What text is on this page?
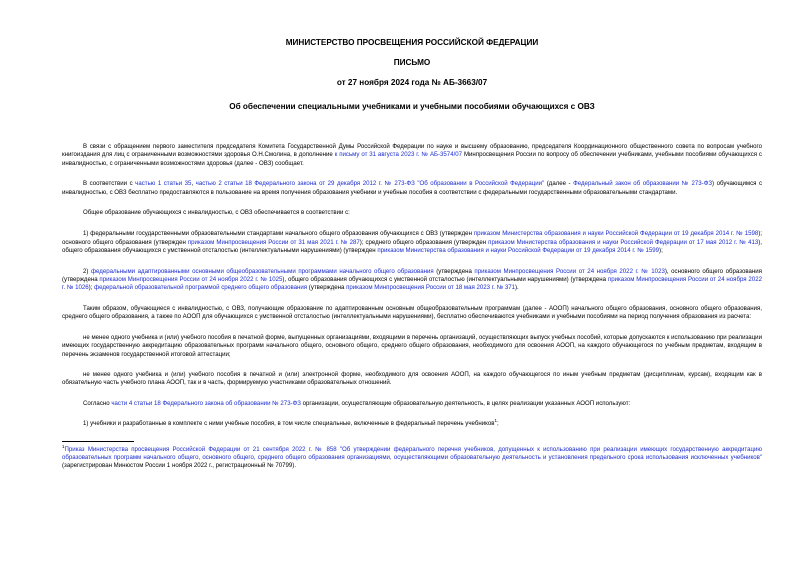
МИНИСТЕРСТВО ПРОСВЕЩЕНИЯ РОССИЙСКОЙ ФЕДЕРАЦИИ
ПИСЬМО
от 27 ноября 2024 года № АБ-3663/07
Об обеспечении специальными учебниками и учебными пособиями обучающихся с ОВЗ
В связи с обращением первого заместителя председателя Комитета Государственной Думы Российской Федерации по науке и высшему образованию, председателя Координационного общественного совета по вопросам учебного книгоиздания для лиц с ограниченными возможностями здоровья О.Н.Смолина, в дополнение к письму от 31 августа 2023 г. № АБ-3574/07 Минпросвещения России по вопросу об обеспечении учебниками, учебными пособиями обучающихся с инвалидностью, с ограниченными возможностями здоровья (далее - ОВЗ) сообщает.
В соответствии с частью 1 статьи 35, частью 2 статьи 18 Федерального закона от 29 декабря 2012 г. № 273-ФЗ "Об образовании в Российской Федерации" (далее - Федеральный закон об образовании № 273-ФЗ) обучающимся с инвалидностью, с ОВЗ бесплатно предоставляются в пользование на время получения образования учебники и учебные пособия в соответствии с федеральными государственными образовательными стандартами.
Общее образование обучающихся с инвалидностью, с ОВЗ обеспечивается в соответствии с:
1) федеральными государственными образовательными стандартами начального общего образования обучающихся с ОВЗ (утвержден приказом Министерства образования и науки Российской Федерации от 19 декабря 2014 г. № 1598); основного общего образования (утвержден приказом Минпросвещения России от 31 мая 2021 г. № 287); среднего общего образования (утвержден приказом Министерства образования и науки Российской Федерации от 17 мая 2012 г. № 413), общего образования обучающихся с умственной отсталостью (интеллектуальными нарушениями) (утвержден приказом Министерства образования и науки Российской Федерации от 19 декабря 2014 г. № 1599);
2) федеральными адаптированными основными общеобразовательными программами начального общего образования (утверждена приказом Минпросвещения России от 24 ноября 2022 г. № 1023), основного общего образования (утверждена приказом Минпросвещения России от 24 ноября 2022 г. № 1025), общего образования обучающихся с умственной отсталостью (интеллектуальными нарушениями) (утверждена приказом Минпросвещения России от 24 ноября 2022 г. № 1026); федеральной образовательной программой среднего общего образования (утверждена приказом Минпросвещения России от 18 мая 2023 г. № 371).
Таким образом, обучающиеся с инвалидностью, с ОВЗ, получающие образование по адаптированным основным общеобразовательным программам (далее - АООП) начального общего образования, основного общего образования, среднего общего образования, а также по АООП для обучающихся с умственной отсталостью (интеллектуальными нарушениями), бесплатно обеспечиваются учебниками и учебными пособиями на период получения образования из расчета:
не менее одного учебника и (или) учебного пособия в печатной форме, выпущенных организациями, входящими в перечень организаций, осуществляющих выпуск учебных пособий, которые допускаются к использованию при реализации имеющих государственную аккредитацию образовательных программ начального общего, основного общего, среднего общего образования, необходимого для освоения АООП, на каждого обучающегося по учебным предметам, входящим в перечень экзаменов государственной итоговой аттестации;
не менее одного учебника и (или) учебного пособия в печатной и (или) электронной форме, необходимого для освоения АООП, на каждого обучающегося по иным учебным предметам (дисциплинам, курсам), входящим как в обязательную часть учебного плана АООП, так и в часть, формируемую участниками образовательных отношений.
Согласно части 4 статьи 18 Федерального закона об образовании № 273-ФЗ организации, осуществляющие образовательную деятельность, в целях реализации указанных АООП используют:
1) учебники и разработанные в комплекте с ними учебные пособия, в том числе специальные, включенные в федеральный перечень учебников$^1$;
$^1$Приказ Министерства просвещения Российской Федерации от 21 сентября 2022 г. № 858 "Об утверждении федерального перечня учебников, допущенных к использованию при реализации имеющих государственную аккредитацию образовательных программ начального общего, основного общего, среднего общего образования организациями, осуществляющими образовательную деятельность и установления предельного срока использования исключенных учебников" (зарегистрирован Минюстом России 1 ноября 2022 г., регистрационный № 70799).
